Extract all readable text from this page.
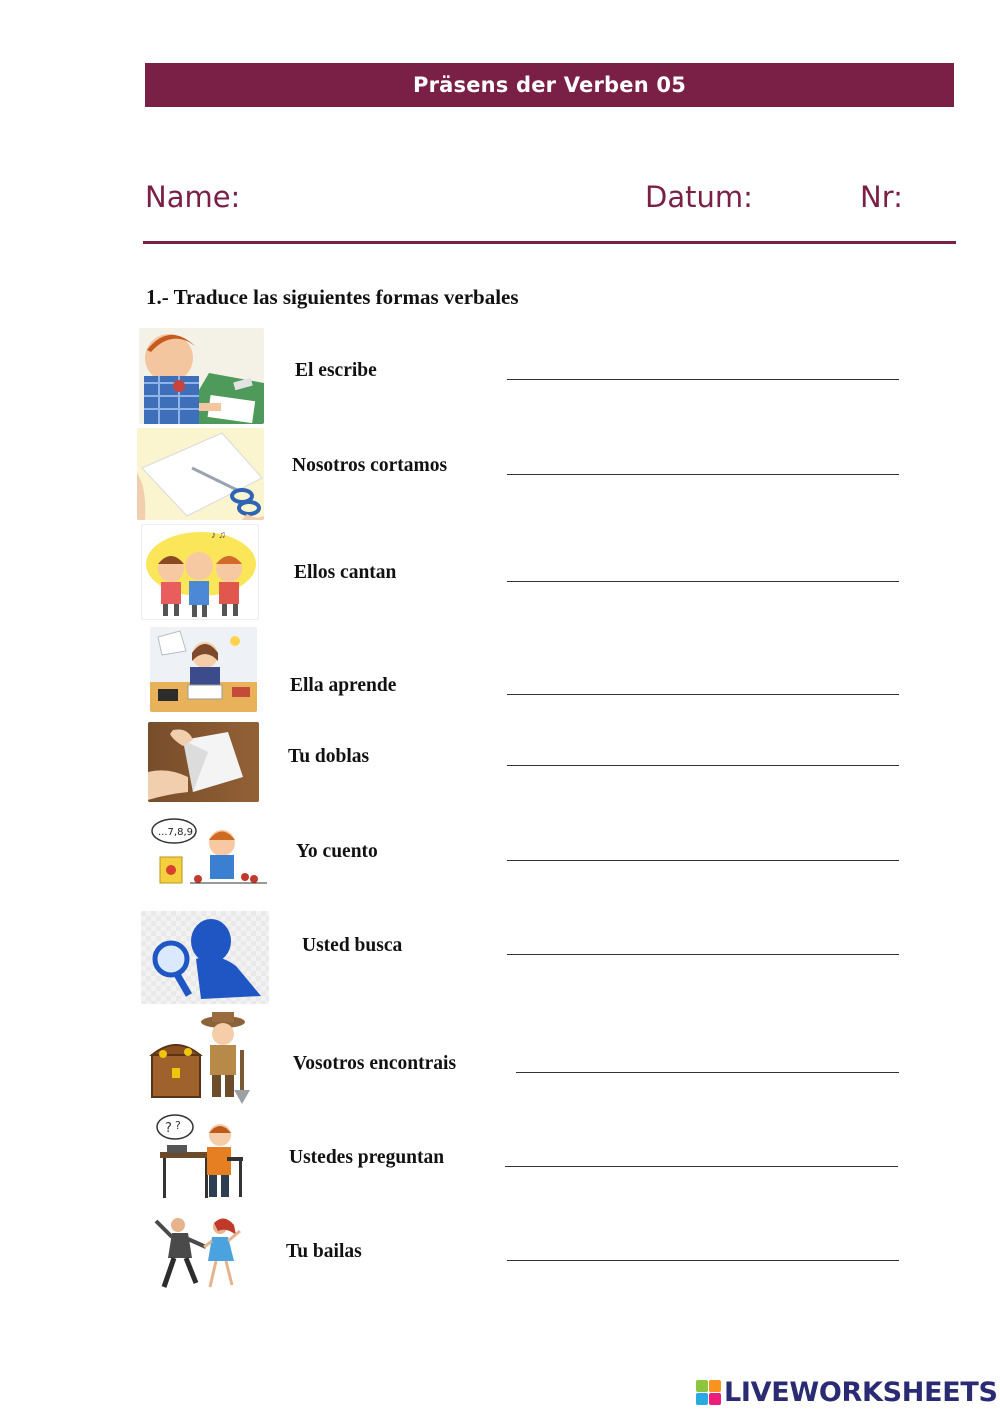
Präsens der Verben 05
Name:	Datum:	Nr:
1.- Traduce las siguientes formas verbales
El escribe
Nosotros cortamos
♪ ♫
Ellos cantan
Ella aprende
Tu doblas
...7,8,9
Yo cuento
Usted busca
Vosotros encontrais
? ?
Ustedes preguntan
Tu bailas
LIVEWORKSHEETS
